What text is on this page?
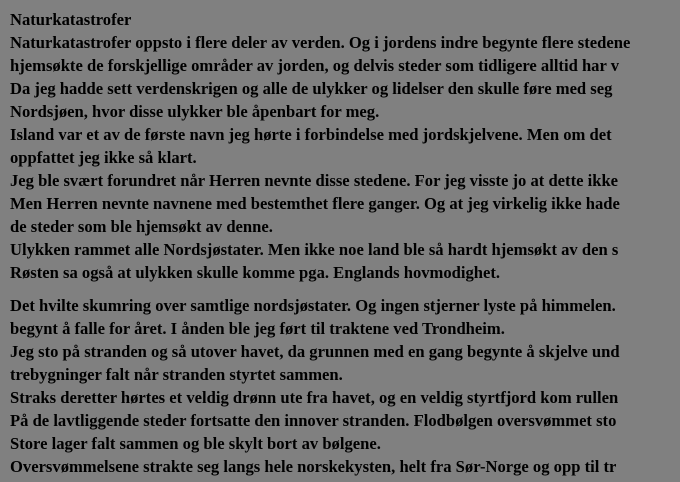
Naturkatastrofer
Naturkatastrofer oppsto i flere deler av verden. Og i jordens indre begynte flere stedene
hjemsøkte de forskjellige områder av jorden, og delvis steder som tidligere alltid har v
Da jeg hadde sett verdenskrigen og alle de ulykker og lidelser den skulle føre med seg
Nordsjøen, hvor disse ulykker ble åpenbart for meg.
Island var et av de første navn jeg hørte i forbindelse med jordskjelvene. Men om det
oppfattet jeg ikke så klart.
Jeg ble svært forundret når Herren nevnte disse stedene. For jeg visste jo at dette ikke
Men Herren nevnte navnene med bestemthet flere ganger. Og at jeg virkelig ikke hade
de steder som ble hjemsøkt av denne.
Ulykken rammet alle Nordsjøstater. Men ikke noe land ble så hardt hjemsøkt av den s
Røsten sa også at ulykken skulle komme pga. Englands hovmodighet.
Det hvilte skumring over samtlige nordsjøstater. Og ingen stjerner lyste på himmelen.
begynt å falle for året. I ånden ble jeg ført til traktene ved Trondheim.
Jeg sto på stranden og så utover havet, da grunnen med en gang begynte å skjelve und
trebygninger falt når stranden styrtet sammen.
Straks deretter hørtes et veldig drønn ute fra havet, og en veldig styrtfjord kom rullen
På de lavtliggende steder fortsatte den innover stranden. Flodbølgen oversvømmet sto
Store lager falt sammen og ble skylt bort av bølgene.
Oversvømmelsene strakte seg langs hele norskekysten, helt fra Sør-Norge og opp til tr
